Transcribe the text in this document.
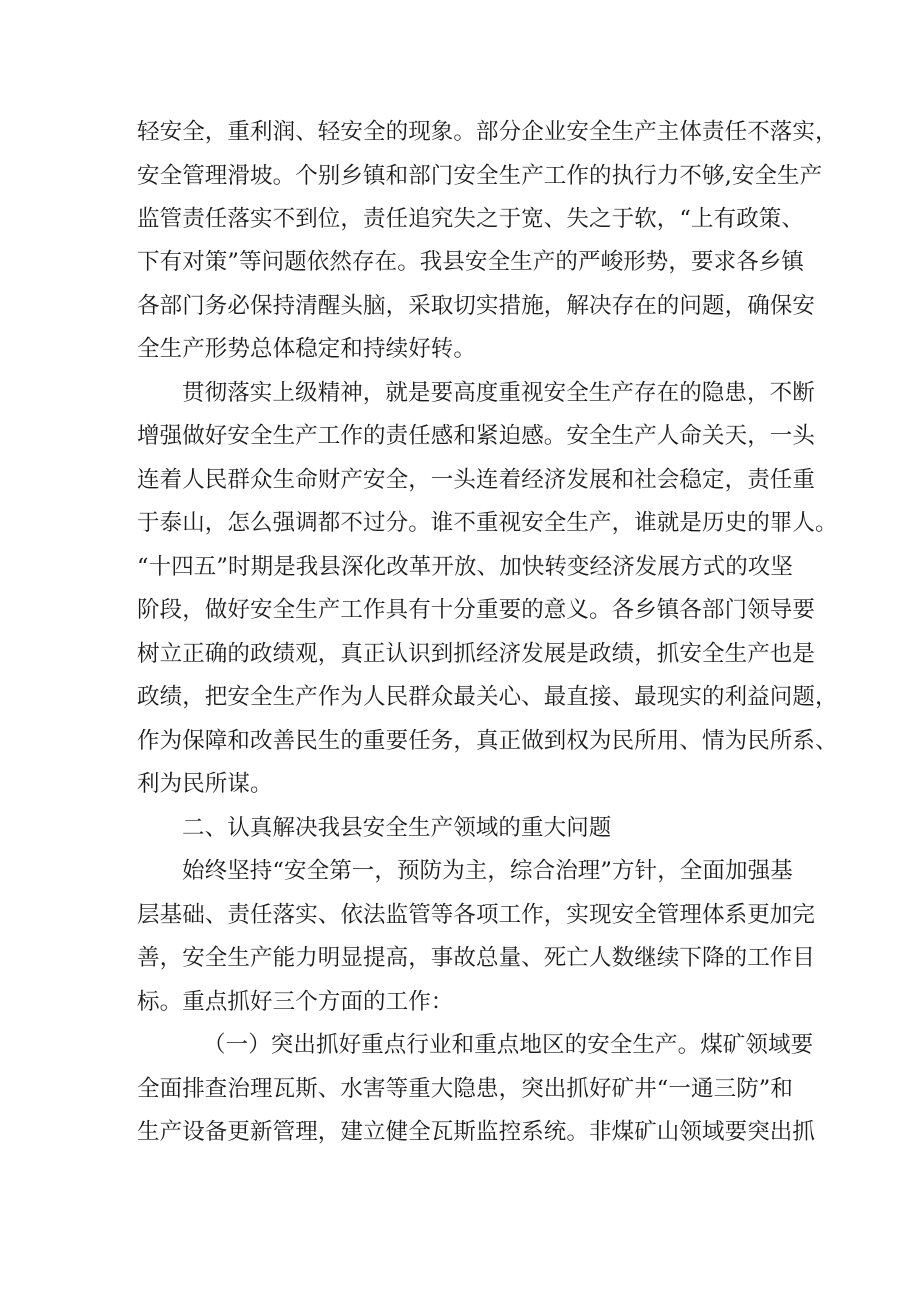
轻安全，重利润、轻安全的现象。部分企业安全生产主体责任不落实，
安全管理滑坡。个别乡镇和部门安全生产工作的执行力不够,安全生产
监管责任落实不到位，责任追究失之于宽、失之于软，“上有政策、
下有对策”等问题依然存在。我县安全生产的严峻形势，要求各乡镇
各部门务必保持清醒头脑，采取切实措施，解决存在的问题，确保安
全生产形势总体稳定和持续好转。
贯彻落实上级精神，就是要高度重视安全生产存在的隐患，不断
增强做好安全生产工作的责任感和紧迫感。安全生产人命关天，一头
连着人民群众生命财产安全，一头连着经济发展和社会稳定，责任重
于泰山，怎么强调都不过分。谁不重视安全生产，谁就是历史的罪人。
“十四五”时期是我县深化改革开放、加快转变经济发展方式的攻坚
阶段，做好安全生产工作具有十分重要的意义。各乡镇各部门领导要
树立正确的政绩观，真正认识到抓经济发展是政绩，抓安全生产也是
政绩，把安全生产作为人民群众最关心、最直接、最现实的利益问题，
作为保障和改善民生的重要任务，真正做到权为民所用、情为民所系、
利为民所谋。
二、认真解决我县安全生产领域的重大问题
始终坚持“安全第一，预防为主，综合治理”方针，全面加强基
层基础、责任落实、依法监管等各项工作，实现安全管理体系更加完
善，安全生产能力明显提高，事故总量、死亡人数继续下降的工作目
标。重点抓好三个方面的工作：
（一）突出抓好重点行业和重点地区的安全生产。煤矿领域要
全面排查治理瓦斯、水害等重大隐患，突出抓好矿井“一通三防”和
生产设备更新管理，建立健全瓦斯监控系统。非煤矿山领域要突出抓
